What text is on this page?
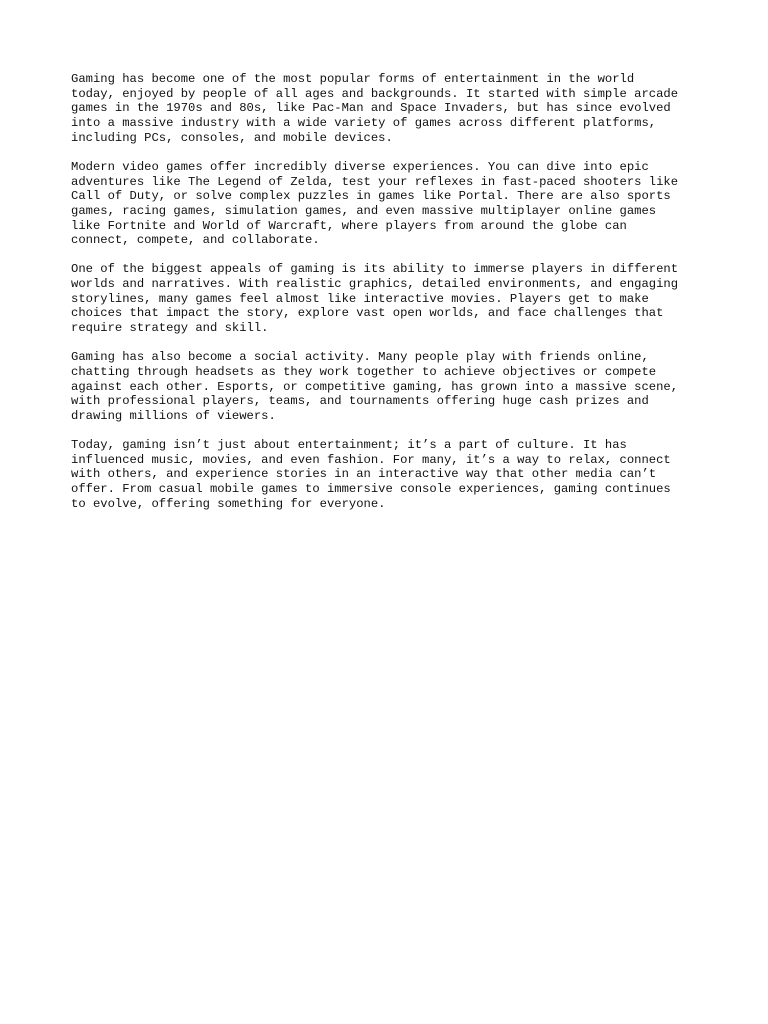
Gaming has become one of the most popular forms of entertainment in the world
today, enjoyed by people of all ages and backgrounds. It started with simple arcade
games in the 1970s and 80s, like Pac-Man and Space Invaders, but has since evolved
into a massive industry with a wide variety of games across different platforms,
including PCs, consoles, and mobile devices.

Modern video games offer incredibly diverse experiences. You can dive into epic
adventures like The Legend of Zelda, test your reflexes in fast-paced shooters like
Call of Duty, or solve complex puzzles in games like Portal. There are also sports
games, racing games, simulation games, and even massive multiplayer online games
like Fortnite and World of Warcraft, where players from around the globe can
connect, compete, and collaborate.

One of the biggest appeals of gaming is its ability to immerse players in different
worlds and narratives. With realistic graphics, detailed environments, and engaging
storylines, many games feel almost like interactive movies. Players get to make
choices that impact the story, explore vast open worlds, and face challenges that
require strategy and skill.

Gaming has also become a social activity. Many people play with friends online,
chatting through headsets as they work together to achieve objectives or compete
against each other. Esports, or competitive gaming, has grown into a massive scene,
with professional players, teams, and tournaments offering huge cash prizes and
drawing millions of viewers.

Today, gaming isn’t just about entertainment; it’s a part of culture. It has
influenced music, movies, and even fashion. For many, it’s a way to relax, connect
with others, and experience stories in an interactive way that other media can’t
offer. From casual mobile games to immersive console experiences, gaming continues
to evolve, offering something for everyone.
